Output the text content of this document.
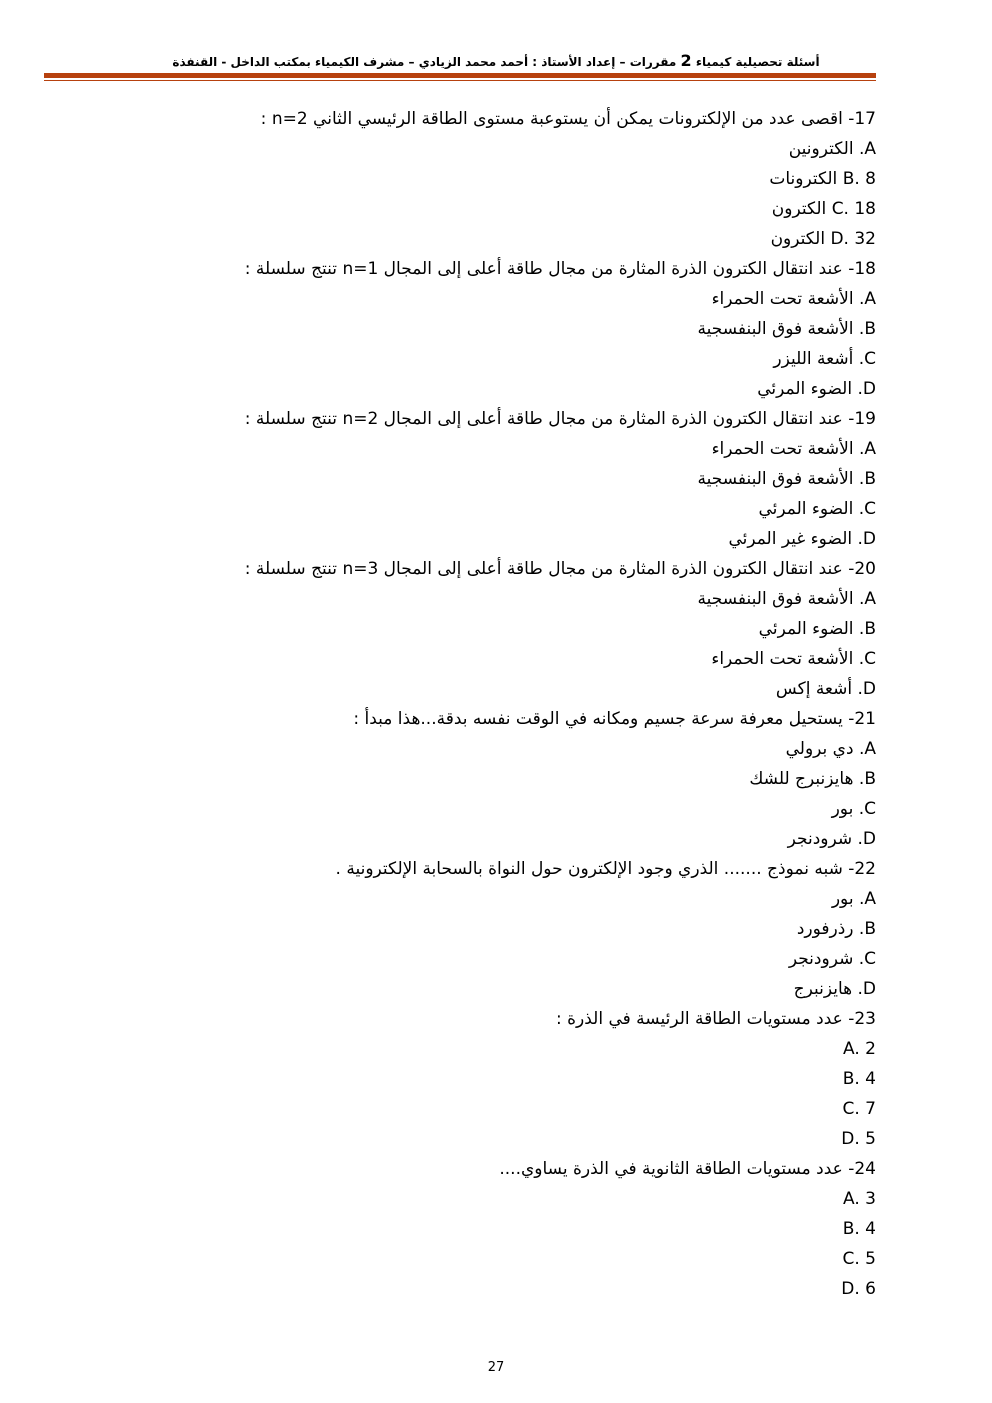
أسئلة تحصيلية كيمياء 2 مقررات – إعداد الأستاذ : أحمد محمد الزيادي – مشرف الكيمياء بمكتب الداخل - القنفذة
17- اقصى عدد من الإلكترونات يمكن أن يستوعبة مستوى الطاقة الرئيسي الثاني n=2 :
A. الكترونين
B. 8 الكترونات
C. 18 الكترون
D. 32 الكترون
18- عند انتقال الكترون الذرة المثارة من مجال طاقة أعلى إلى المجال n=1 تنتج سلسلة :
A. الأشعة تحت الحمراء
B. الأشعة فوق البنفسجية
C. أشعة الليزر
D. الضوء المرئي
19- عند انتقال الكترون الذرة المثارة من مجال طاقة أعلى إلى المجال n=2 تنتج سلسلة :
A. الأشعة تحت الحمراء
B. الأشعة فوق البنفسجية
C. الضوء المرئي
D. الضوء غير المرئي
20- عند انتقال الكترون الذرة المثارة من مجال طاقة أعلى إلى المجال n=3 تنتج سلسلة :
A. الأشعة فوق البنفسجية
B. الضوء المرئي
C. الأشعة تحت الحمراء
D. أشعة إكس
21- يستحيل معرفة سرعة جسيم ومكانه في الوقت نفسه بدقة...هذا مبدأ :
A. دي برولي
B. هايزنبرج للشك
C. بور
D. شرودنجر
22- شبه نموذج ....... الذري وجود الإلكترون حول النواة بالسحابة الإلكترونية .
A. بور
B. رذرفورد
C. شرودنجر
D. هايزنبرج
23- عدد مستويات الطاقة الرئيسة في الذرة :
A. 2
B. 4
C. 7
D. 5
24- عدد مستويات الطاقة الثانوية في الذرة يساوي....
A. 3
B. 4
C. 5
D. 6
27
